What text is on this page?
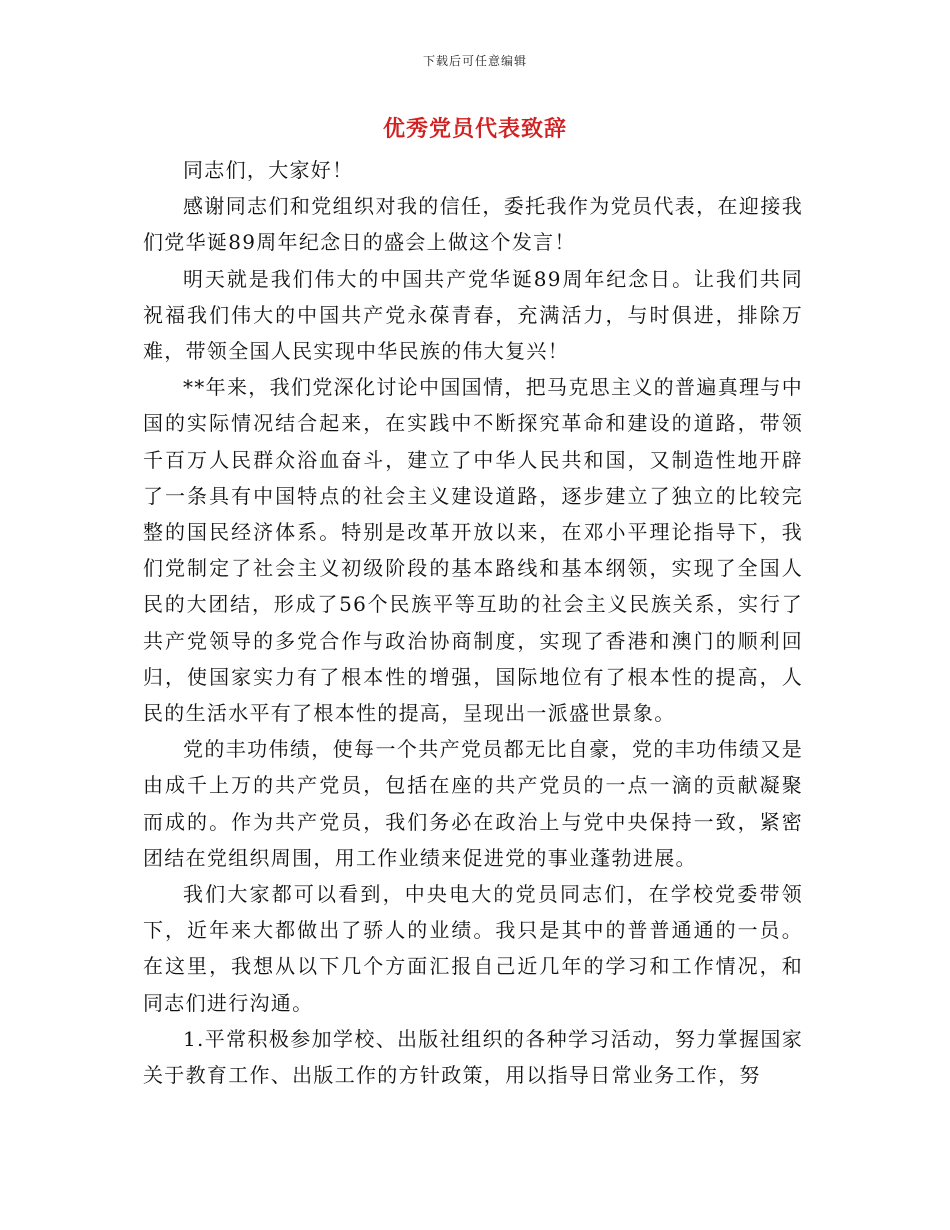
下载后可任意编辑
优秀党员代表致辞

同志们，大家好！

感谢同志们和党组织对我的信任，委托我作为党员代表，在迎接我们党华诞89周年纪念日的盛会上做这个发言！

明天就是我们伟大的中国共产党华诞89周年纪念日。让我们共同祝福我们伟大的中国共产党永葆青春，充满活力，与时俱进，排除万难，带领全国人民实现中华民族的伟大复兴！

**年来，我们党深化讨论中国国情，把马克思主义的普遍真理与中国的实际情况结合起来，在实践中不断探究革命和建设的道路，带领千百万人民群众浴血奋斗，建立了中华人民共和国，又制造性地开辟了一条具有中国特点的社会主义建设道路，逐步建立了独立的比较完整的国民经济体系。特别是改革开放以来，在邓小平理论指导下，我们党制定了社会主义初级阶段的基本路线和基本纲领，实现了全国人民的大团结，形成了56个民族平等互助的社会主义民族关系，实行了共产党领导的多党合作与政治协商制度，实现了香港和澳门的顺利回归，使国家实力有了根本性的增强，国际地位有了根本性的提高，人民的生活水平有了根本性的提高，呈现出一派盛世景象。

党的丰功伟绩，使每一个共产党员都无比自豪，党的丰功伟绩又是由成千上万的共产党员，包括在座的共产党员的一点一滴的贡献凝聚而成的。作为共产党员，我们务必在政治上与党中央保持一致，紧密团结在党组织周围，用工作业绩来促进党的事业蓬勃进展。

我们大家都可以看到，中央电大的党员同志们，在学校党委带领下，近年来大都做出了骄人的业绩。我只是其中的普普通通的一员。在这里，我想从以下几个方面汇报自己近几年的学习和工作情况，和同志们进行沟通。

1.平常积极参加学校、出版社组织的各种学习活动，努力掌握国家关于教育工作、出版工作的方针政策，用以指导日常业务工作，努
